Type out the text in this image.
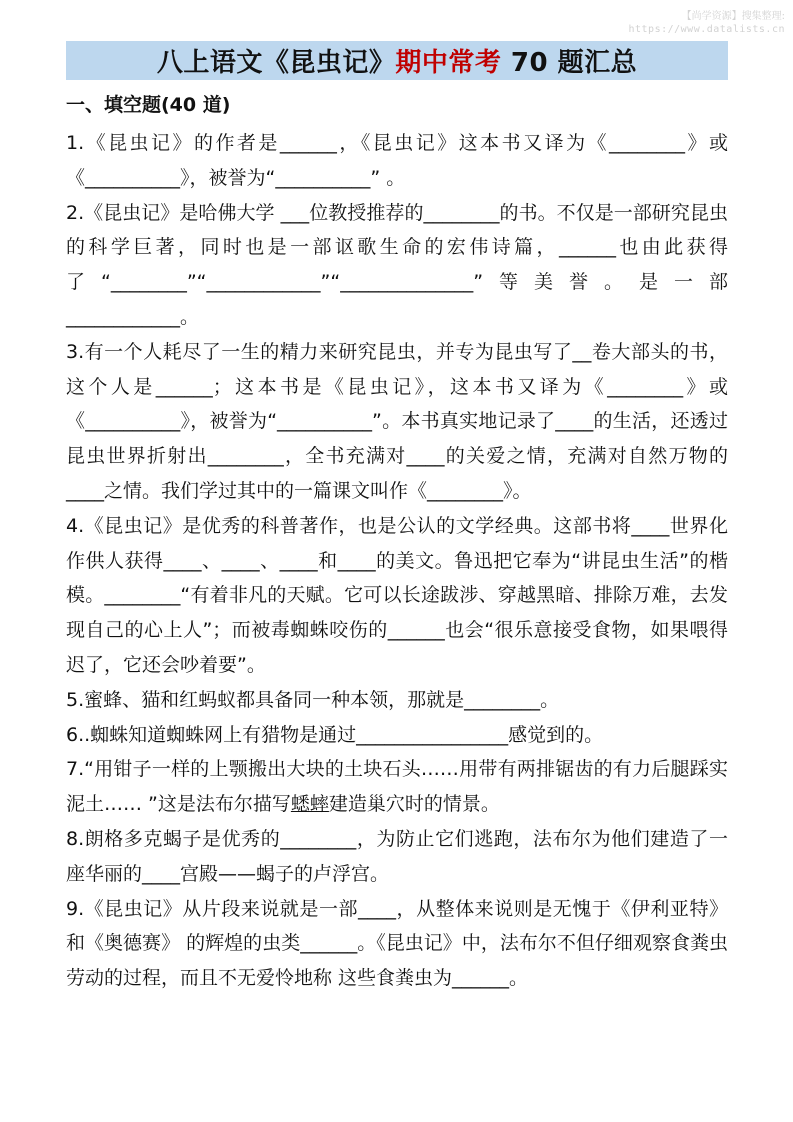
【尚学资源】搜集整理:
https://www.datalists.cn
八上语文《昆虫记》期中常考 70 题汇总
一、填空题(40 道)

1.《昆虫记》的作者是______，《昆虫记》这本书又译为《________》或《__________》，被誉为“__________” 。

2.《昆虫记》是哈佛大学 ___位教授推荐的________的书。不仅是一部研究昆虫的科学巨著，同时也是一部讴歌生命的宏伟诗篇，______也由此获得了“________”“____________”“______________”等美誉。是一部____________。

3.有一个人耗尽了一生的精力来研究昆虫，并专为昆虫写了__卷大部头的书，这个人是______；这本书是《昆虫记》，这本书又译为《________》或《__________》，被誉为“__________”。本书真实地记录了____的生活，还透过昆虫世界折射出________，全书充满对____的关爱之情，充满对自然万物的____之情。我们学过其中的一篇课文叫作《________》。

4.《昆虫记》是优秀的科普著作，也是公认的文学经典。这部书将____世界化作供人获得____、____、____和____的美文。鲁迅把它奉为“讲昆虫生活”的楷模。________“有着非凡的天赋。它可以长途跋涉、穿越黑暗、排除万难，去发现自己的心上人”；而被毒蜘蛛咬伤的______也会“很乐意接受食物，如果喂得迟了，它还会吵着要”。

5.蜜蜂、猫和红蚂蚁都具备同一种本领，那就是________。

6..蜘蛛知道蜘蛛网上有猎物是通过________________感觉到的。

7.“用钳子一样的上颚搬出大块的土块石头……用带有两排锯齿的有力后腿踩实泥土…… ”这是法布尔描写蟋蟀建造巢穴时的情景。

8.朗格多克蝎子是优秀的________，为防止它们逃跑，法布尔为他们建造了一座华丽的____宫殿——蝎子的卢浮宫。

9.《昆虫记》从片段来说就是一部____，从整体来说则是无愧于《伊利亚特》和《奥德赛》 的辉煌的虫类______。《昆虫记》中，法布尔不但仔细观察食粪虫劳动的过程，而且不无爱怜地称 这些食粪虫为______。
